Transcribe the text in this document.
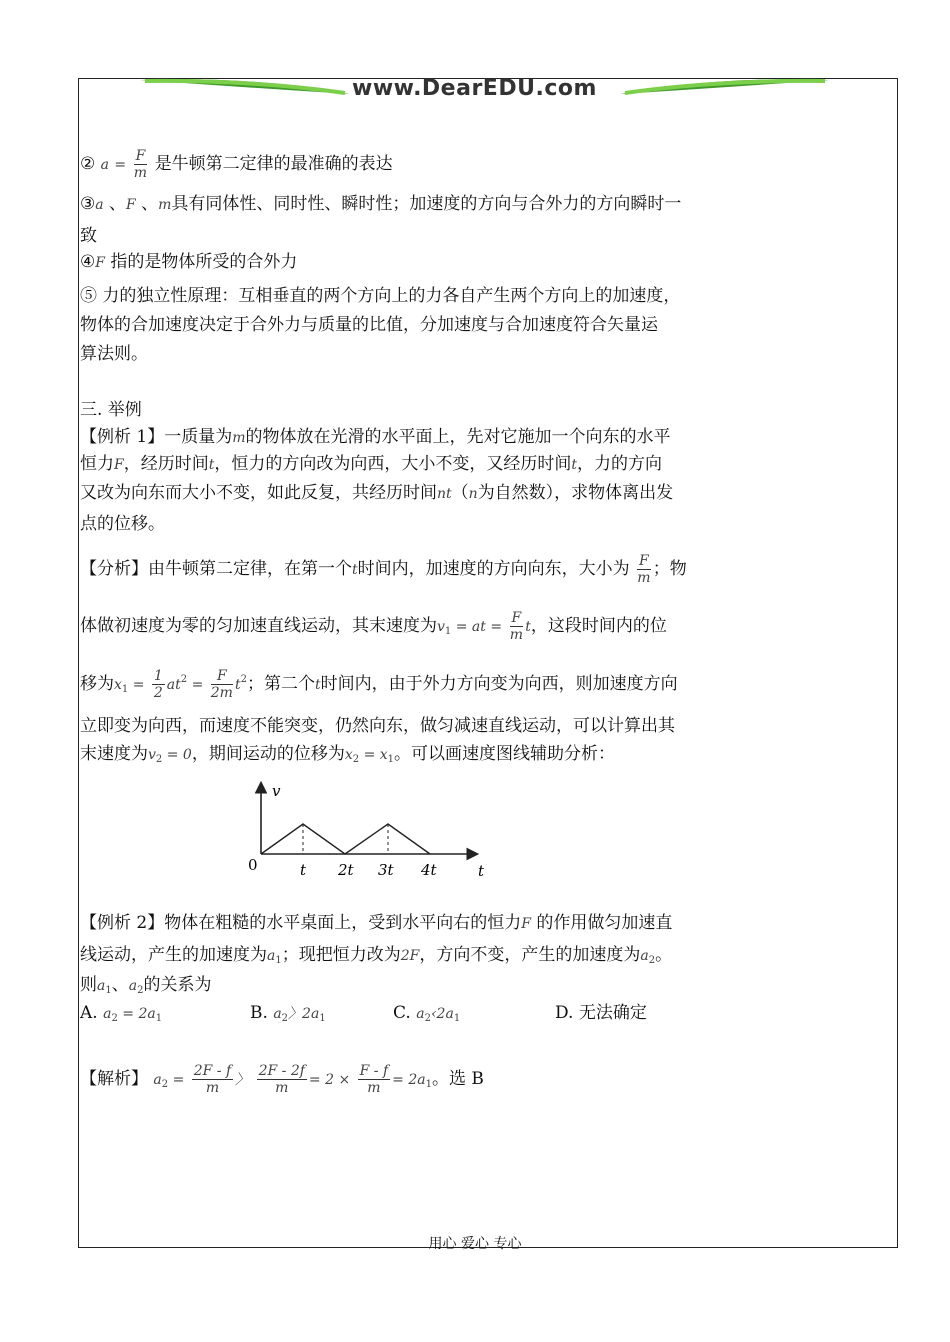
www.DearEDU.com
② $a = \frac{F}{m}$ 是牛顿第二定律的最准确的表达
③a 、F 、m具有同体性、同时性、瞬时性；加速度的方向与合外力的方向瞬时一
致
④F 指的是物体所受的合外力
⑤ 力的独立性原理：互相垂直的两个方向上的力各自产生两个方向上的加速度，
物体的合加速度决定于合外力与质量的比值，分加速度与合加速度符合矢量运
算法则。
三. 举例
【例析 1】一质量为m的物体放在光滑的水平面上，先对它施加一个向东的水平
恒力F，经历时间t，恒力的方向改为向西，大小不变，又经历时间t，力的方向
又改为向东而大小不变，如此反复，共经历时间nt（n为自然数），求物体离出发
点的位移。
【分析】由牛顿第二定律，在第一个t时间内，加速度的方向向东，大小为 $\frac{F}{m}$ ；物
体做初速度为零的匀加速直线运动，其末速度为$v_1$ = at = $\frac{F}{m}$ t，这段时间内的位
移为$x_1 = \frac{1}{2} at^2 = \frac{F}{2m} t^2$；第二个t时间内，由于外力方向变为向西，则加速度方向
立即变为向西，而速度不能突变，仍然向东，做匀减速直线运动，可以计算出其
末速度为$v_2 = 0$，期间运动的位移为$x_2 = x_1$。可以画速度图线辅助分析：
v
t
0	t 2t 3t 4t
【例析 2】物体在粗糙的水平桌面上，受到水平向右的恒力F 的作用做匀加速直
线运动，产生的加速度为$a_1$；现把恒力改为2F，方向不变，产生的加速度为$a_2$。
则$a_1$、$a_2$的关系为
A. $a_2 = 2a_1$	B. $a_2$〉$2a_1$	C. $a_2‹2a_1$	D. 无法确定
【解析】 $a_2 = \frac{2F - f}{m}$ 〉 $\frac{2F - 2f}{m} = 2 \times \frac{F - f}{m} = 2a_1$。选 B
用心 爱心 专心
